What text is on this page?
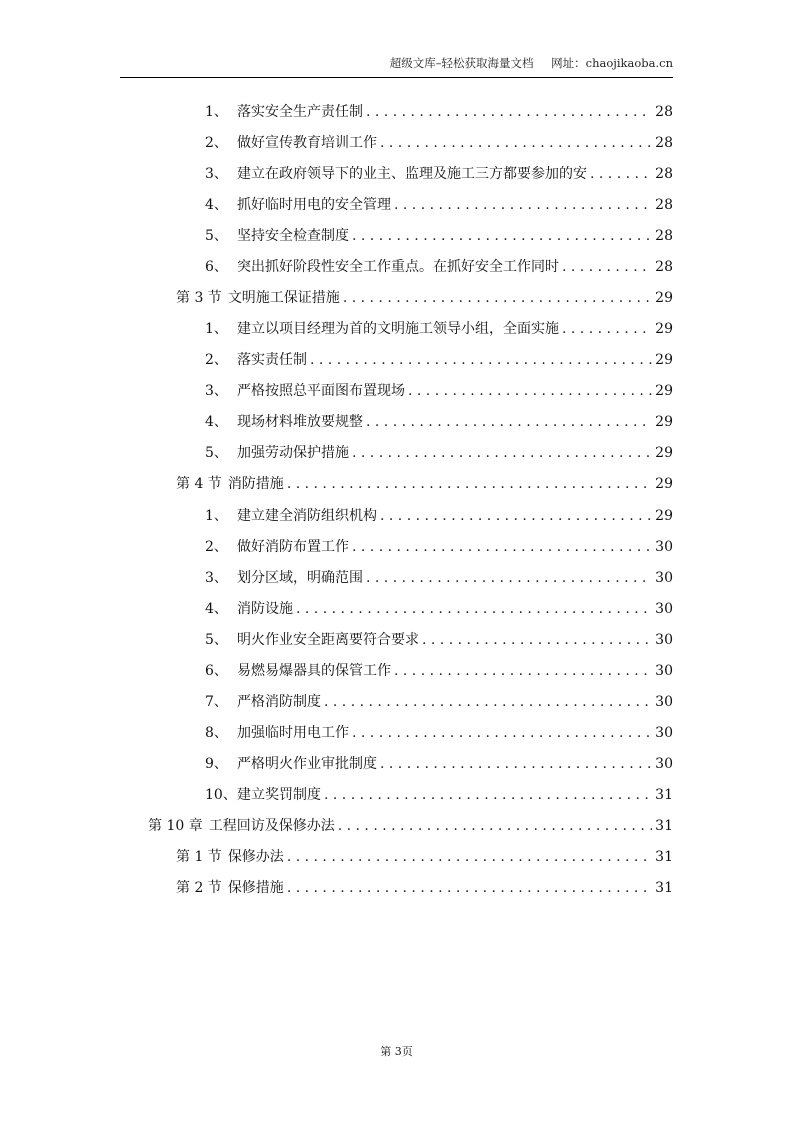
超级文库–轻松获取海量文档 网址：chaojikaoba.cn
1、 落实安全生产责任制 . . .	28
2、 做好宣传教育培训工作 . . .	28
3、 建立在政府领导下的业主、监理及施工三方都要参加的安 . . .	28
4、 抓好临时用电的安全管理 . . .	28
5、 坚持安全检查制度 . . .	28
6、 突出抓好阶段性安全工作重点。在抓好安全工作同时 . . .	28
第 3 节 文明施工保证措施 . . .	29
1、 建立以项目经理为首的文明施工领导小组，全面实施 . . .	29
2、 落实责任制 . . .	29
3、 严格按照总平面图布置现场 . . .	29
4、 现场材料堆放要规整 . . .	29
5、 加强劳动保护措施 . . .	29
第 4 节 消防措施 . . .	29
1、 建立建全消防组织机构 . . .	29
2、 做好消防布置工作 . . .	30
3、 划分区域，明确范围 . . .	30
4、 消防设施 . . .	30
5、 明火作业安全距离要符合要求 . . .	30
6、 易燃易爆器具的保管工作 . . .	30
7、 严格消防制度 . . .	30
8、 加强临时用电工作 . . .	30
9、 严格明火作业审批制度 . . .	30
10、 建立奖罚制度 . . .	31
第 10 章 工程回访及保修办法 . . .	31
第 1 节 保修办法 . . .	31
第 2 节 保修措施 . . .	31
第 3页
